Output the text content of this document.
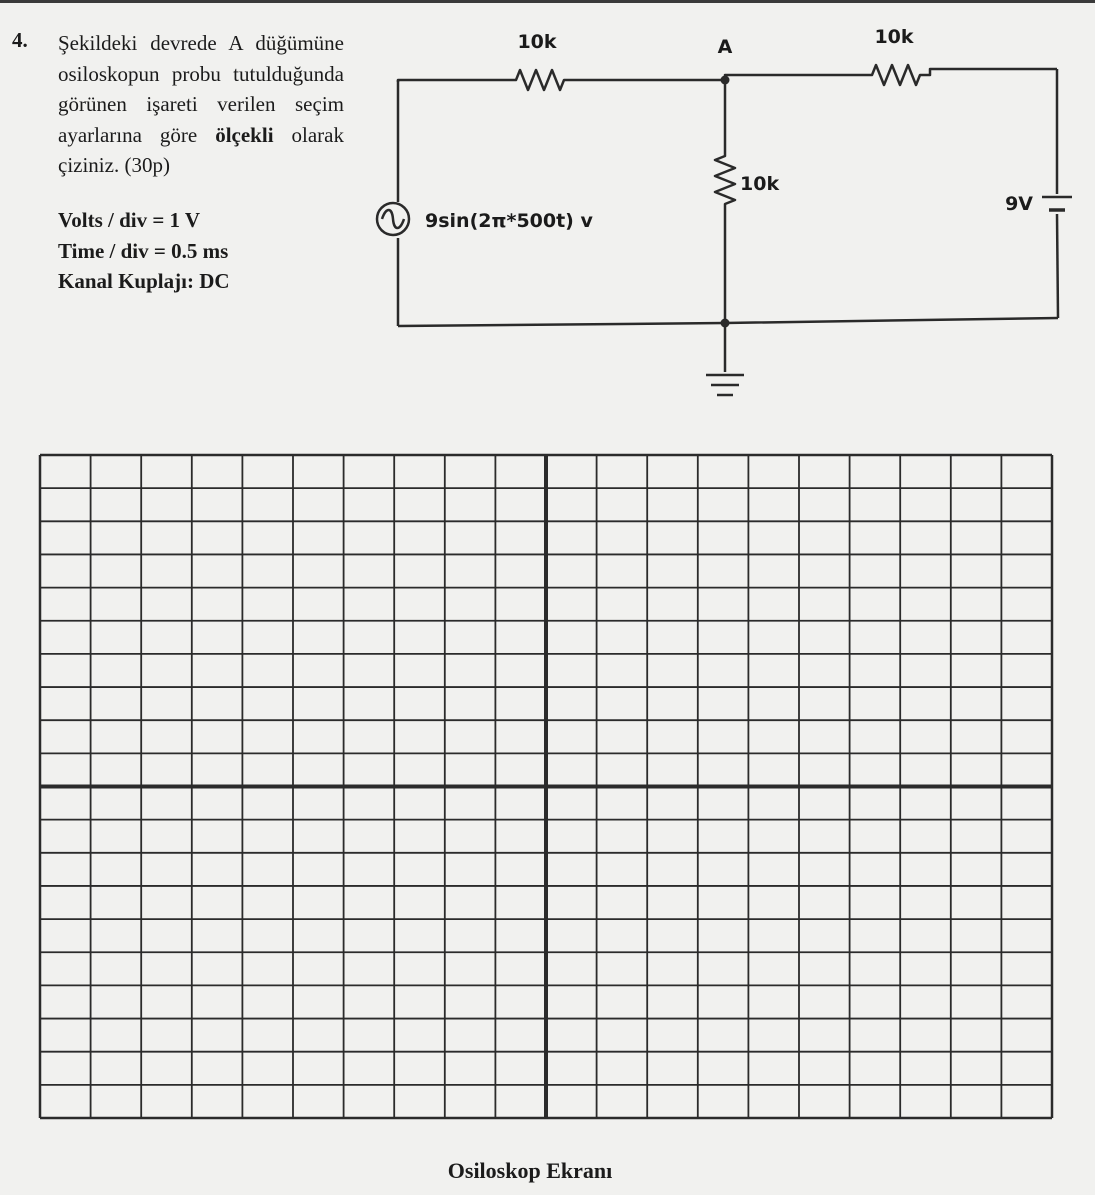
4. Şekildeki devrede A düğümüne osiloskopun probu tutulduğunda görünen işareti verilen seçim ayarlarına göre ölçekli olarak çiziniz. (30p)
Volts / div = 1 V
Time / div = 0.5 ms
Kanal Kuplajı: DC
10k	A	10k
10k
9sin(2π*500t) v
9V
Osiloskop Ekranı
